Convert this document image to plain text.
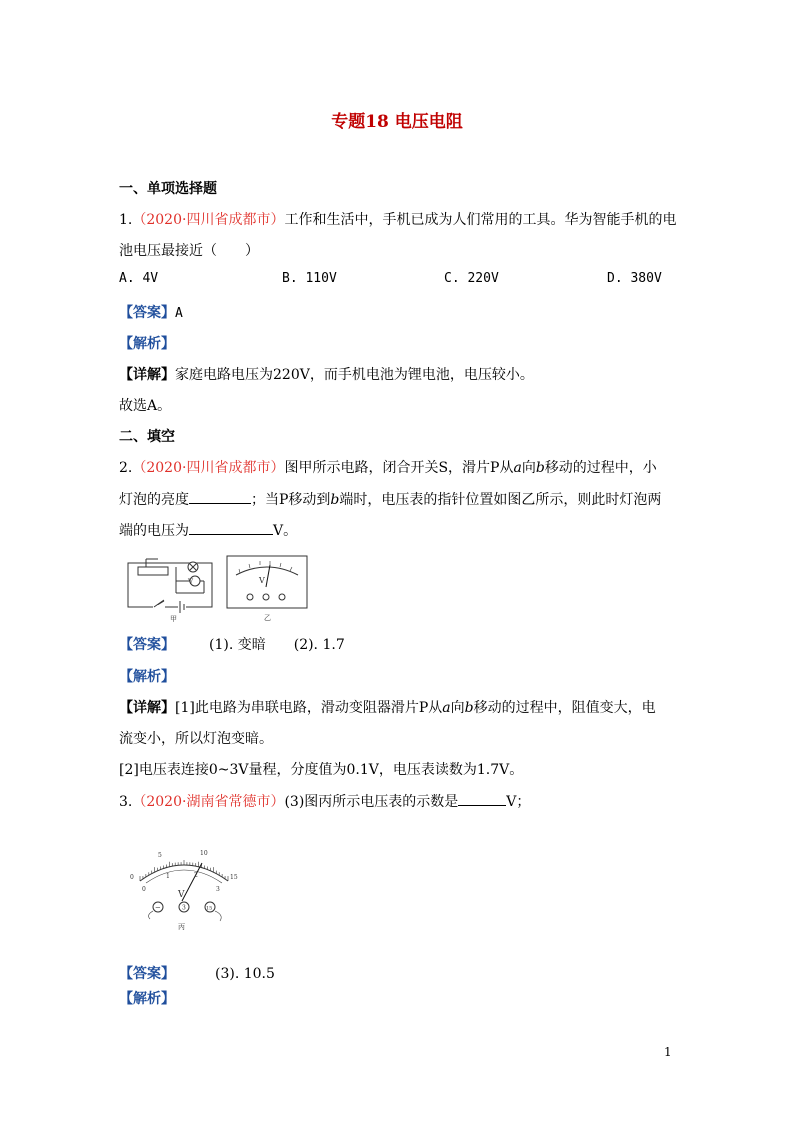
专题18 电压电阻
一、单项选择题
1.（2020·四川省成都市）工作和生活中，手机已成为人们常用的工具。华为智能手机的电
池电压最接近（　　）
A. 4V	B. 110V	C. 220V	D. 380V
【答案】A
【解析】
【详解】家庭电路电压为220V，而手机电池为锂电池，电压较小。
故选A。
二、填空
2.（2020·四川省成都市）图甲所示电路，闭合开关S，滑片P从a向b移动的过程中，小
灯泡的亮度	；当P移动到b端时，电压表的指针位置如图乙所示，则此时灯泡两
端的电压为	V。
V
甲
V
乙
【答案】 (1). 变暗　　(2). 1.7
【解析】
【详解】[1]此电路为串联电路，滑动变阻器滑片P从a向b移动的过程中，阻值变大，电
流变小，所以灯泡变暗。
[2]电压表连接0~3V量程，分度值为0.1V，电压表读数为1.7V。
3.（2020·湖南省常德市）(3)图丙所示电压表的示数是	V；
0
5	10
15
0
1	2
3
V
−	3	15
丙
【答案】	(3). 10.5
【解析】
1
